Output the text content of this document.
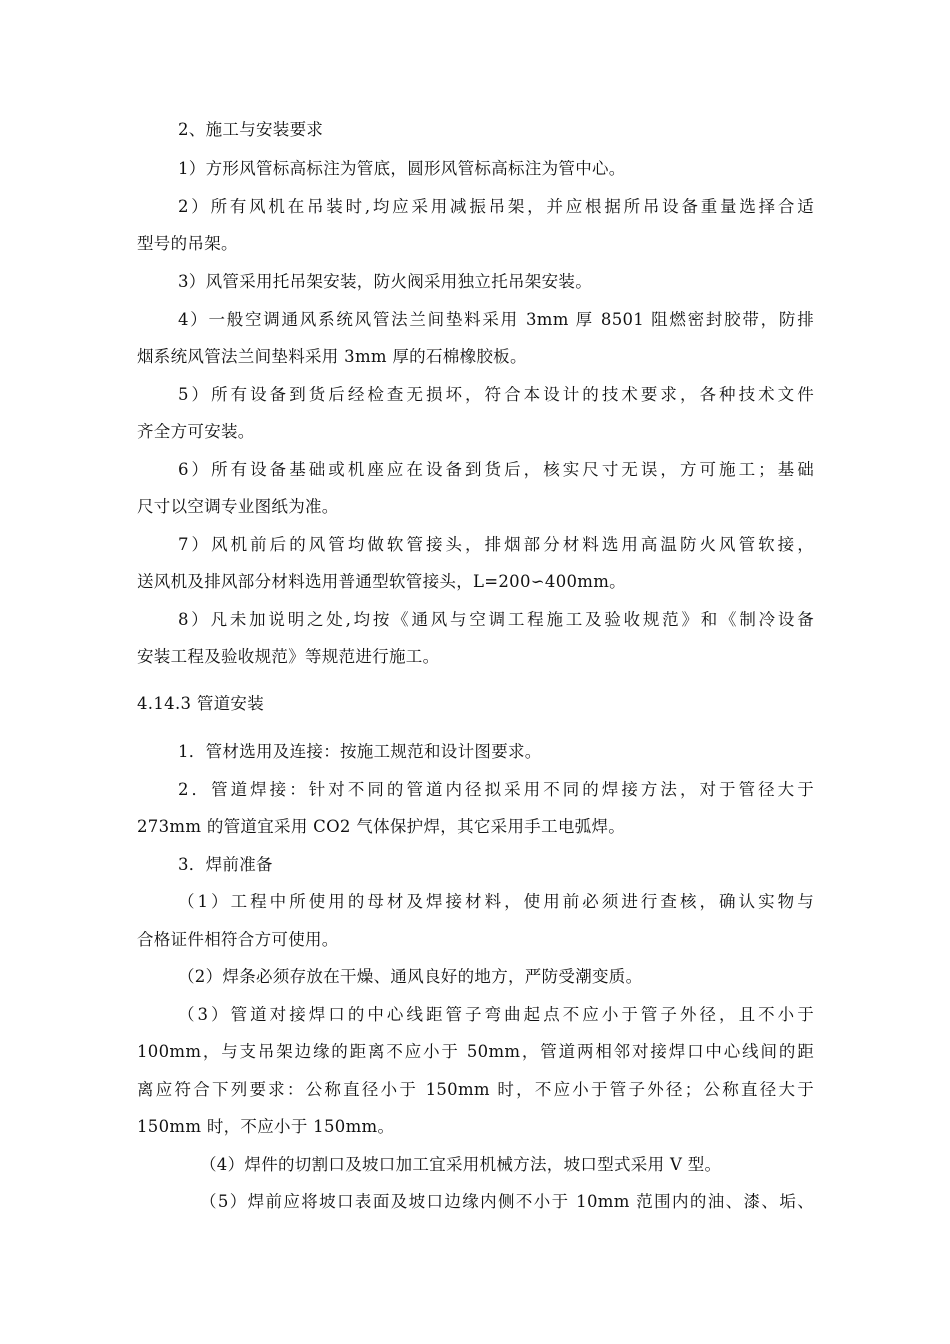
2、施工与安装要求
1）方形风管标高标注为管底，圆形风管标高标注为管中心。
2）所有风机在吊装时,均应采用减振吊架，并应根据所吊设备重量选择合适
型号的吊架。
3）风管采用托吊架安装，防火阀采用独立托吊架安装。
4）一般空调通风系统风管法兰间垫料采用 3mm 厚 8501 阻燃密封胶带，防排
烟系统风管法兰间垫料采用 3mm 厚的石棉橡胶板。
5）所有设备到货后经检查无损坏，符合本设计的技术要求，各种技术文件
齐全方可安装。
6）所有设备基础或机座应在设备到货后，核实尺寸无误，方可施工；基础
尺寸以空调专业图纸为准。
7）风机前后的风管均做软管接头，排烟部分材料选用高温防火风管软接，
送风机及排风部分材料选用普通型软管接头，L=200∽400mm。
8）凡未加说明之处,均按《通风与空调工程施工及验收规范》和《制冷设备
安装工程及验收规范》等规范进行施工。
4.14.3 管道安装
1．管材选用及连接：按施工规范和设计图要求。
2．管道焊接：针对不同的管道内径拟采用不同的焊接方法，对于管径大于
273mm 的管道宜采用 CO2 气体保护焊，其它采用手工电弧焊。
3．焊前准备
（1）工程中所使用的母材及焊接材料，使用前必须进行查核，确认实物与
合格证件相符合方可使用。
（2）焊条必须存放在干燥、通风良好的地方，严防受潮变质。
（3）管道对接焊口的中心线距管子弯曲起点不应小于管子外径，且不小于
100mm，与支吊架边缘的距离不应小于 50mm，管道两相邻对接焊口中心线间的距
离应符合下列要求：公称直径小于 150mm 时，不应小于管子外径；公称直径大于
150mm 时，不应小于 150mm。
（4）焊件的切割口及坡口加工宜采用机械方法，坡口型式采用 V 型。
（5）焊前应将坡口表面及坡口边缘内侧不小于 10mm 范围内的油、漆、垢、
